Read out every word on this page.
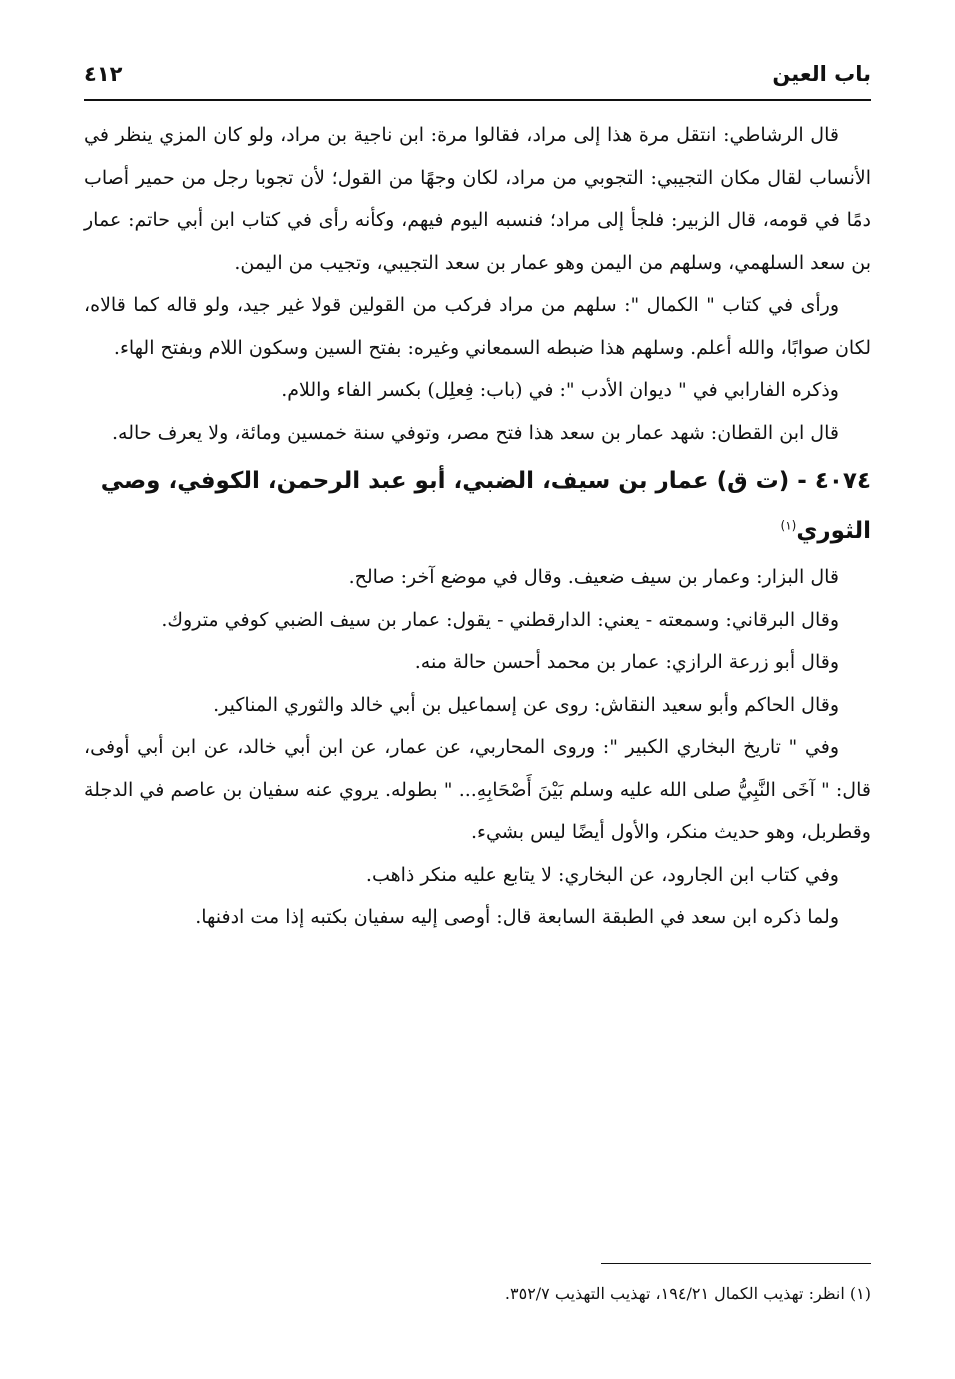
باب العين
٤١٢

قال الرشاطي: انتقل مرة هذا إلى مراد، فقالوا مرة: ابن ناجية بن مراد، ولو كان المزي ينظر في الأنساب لقال مكان التجيبي: التجوبي من مراد، لكان وجهًا من القول؛ لأن تجوبا رجل من حمير أصاب دمًا في قومه، قال الزبير: فلجأ إلى مراد؛ فنسبه اليوم فيهم، وكأنه رأى في كتاب ابن أبي حاتم: عمار بن سعد السلهمي، وسلهم من اليمن وهو عمار بن سعد التجيبي، وتجيب من اليمن.

ورأى في كتاب " الكمال ": سلهم من مراد فركب من القولين قولا غير جيد، ولو قاله كما قالاه، لكان صوابًا، والله أعلم. وسلهم هذا ضبطه السمعاني وغيره: بفتح السين وسكون اللام وبفتح الهاء.

وذكره الفارابي في " ديوان الأدب ": في (باب: فِعلِل) بكسر الفاء واللام.

قال ابن القطان: شهد عمار بن سعد هذا فتح مصر، وتوفي سنة خمسين ومائة، ولا يعرف حاله.

٤٠٧٤ - (ت ق) عمار بن سيف، الضبي، أبو عبد الرحمن، الكوفي، وصي الثوري$^{(١)}$

قال البزار: وعمار بن سيف ضعيف. وقال في موضع آخر: صالح.

وقال البرقاني: وسمعته - يعني: الدارقطني - يقول: عمار بن سيف الضبي كوفي متروك.

وقال أبو زرعة الرازي: عمار بن محمد أحسن حالة منه.

وقال الحاكم وأبو سعيد النقاش: روى عن إسماعيل بن أبي خالد والثوري المناكير.

وفي " تاريخ البخاري الكبير ": وروى المحاربي، عن عمار، عن ابن أبي خالد، عن ابن أبي أوفى، قال: " آخَى النَّبِيُّ صلى الله عليه وسلم بَيْنَ أَصْحَابِهِ... " بطوله. يروي عنه سفيان بن عاصم في الدجلة وقطربل، وهو حديث منكر، والأول أيضًا ليس بشيء.

وفي كتاب ابن الجارود، عن البخاري: لا يتابع عليه منكر ذاهب.

ولما ذكره ابن سعد في الطبقة السابعة قال: أوصى إليه سفيان بكتبه إذا مت ادفنها.

(١) انظر: تهذيب الكمال ١٩٤/٢١، تهذيب التهذيب ٣٥٢/٧.
